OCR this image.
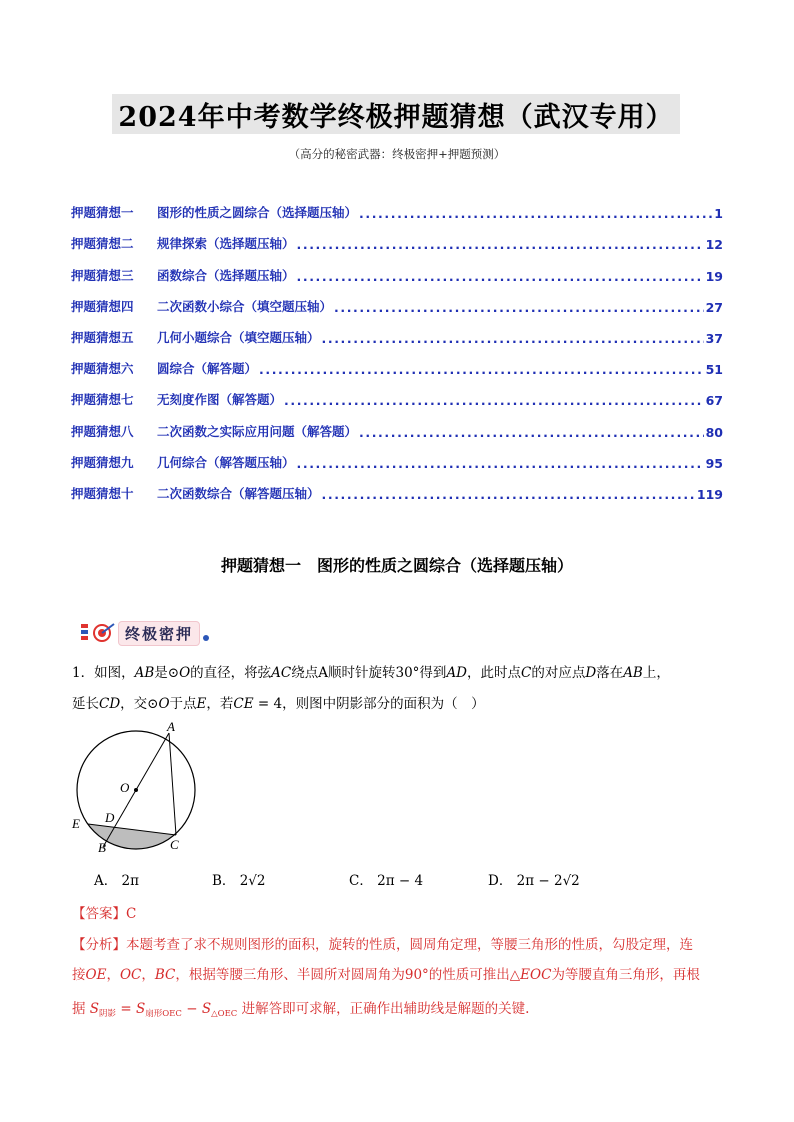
2024年中考数学终极押题猜想（武汉专用）
（高分的秘密武器：终极密押+押题预测）
押题猜想一	图形的性质之圆综合（选择题压轴） .....	1
押题猜想二	规律探索（选择题压轴） .....	12
押题猜想三	函数综合（选择题压轴） .....	19
押题猜想四	二次函数小综合（填空题压轴） .....	27
押题猜想五	几何小题综合（填空题压轴） .....	37
押题猜想六	圆综合（解答题） .....	51
押题猜想七	无刻度作图（解答题） .....	67
押题猜想八	二次函数之实际应用问题（解答题） .....	80
押题猜想九	几何综合（解答题压轴） .....	95
押题猜想十	二次函数综合（解答题压轴） .....	119
押题猜想一　图形的性质之圆综合（选择题压轴）
终极密押
1．如图，AB是⊙O的直径，将弦AC绕点A顺时针旋转30°得到AD，此时点C的对应点D落在AB上，
延长CD，交⊙O于点E，若CE = 4，则图中阴影部分的面积为（　）
A
O
E D
B	C
A． 2π	B． 2√2	C． 2π − 4	D． 2π − 2√2
【答案】C
【分析】本题考查了求不规则图形的面积，旋转的性质，圆周角定理，等腰三角形的性质，勾股定理，连
接OE，OC，BC，根据等腰三角形、半圆所对圆周角为90°的性质可推出△EOC为等腰直角三角形，再根
据 $S_{阴影} = S_{扇形OEC} - S_{\triangle OEC}$ 进解答即可求解，正确作出辅助线是解题的关键.
